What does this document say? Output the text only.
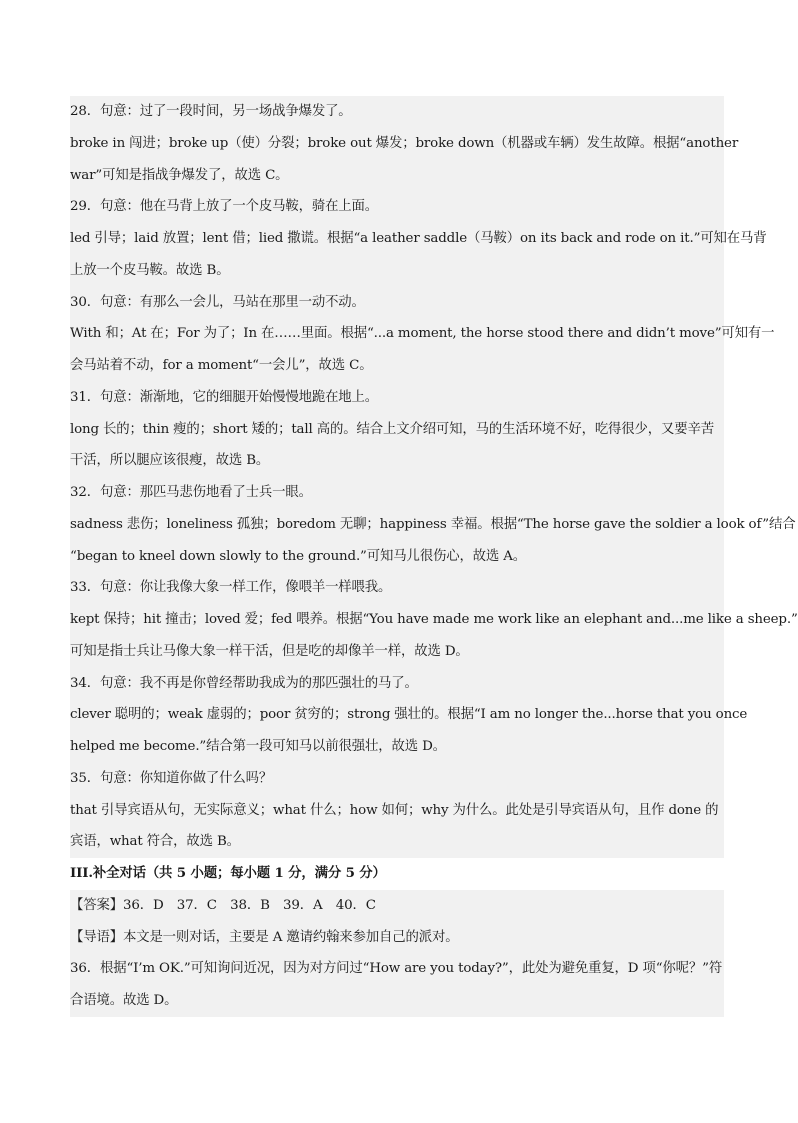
28．句意：过了一段时间，另一场战争爆发了。
broke in 闯进；broke up（使）分裂；broke out 爆发；broke down（机器或车辆）发生故障。根据“another
war”可知是指战争爆发了，故选 C。
29．句意：他在马背上放了一个皮马鞍，骑在上面。
led 引导；laid 放置；lent 借；lied 撒谎。根据“a leather saddle（马鞍）on its back and rode on it.”可知在马背
上放一个皮马鞍。故选 B。
30．句意：有那么一会儿，马站在那里一动不动。
With 和；At 在；For 为了；In 在……里面。根据“...a moment, the horse stood there and didn’t move”可知有一
会马站着不动，for a moment“一会儿”，故选 C。
31．句意：渐渐地，它的细腿开始慢慢地跪在地上。
long 长的；thin 瘦的；short 矮的；tall 高的。结合上文介绍可知，马的生活环境不好，吃得很少，又要辛苦
干活，所以腿应该很瘦，故选 B。
32．句意：那匹马悲伤地看了士兵一眼。
sadness 悲伤；loneliness 孤独；boredom 无聊；happiness 幸福。根据“The horse gave the soldier a look of”结合
“began to kneel down slowly to the ground.”可知马儿很伤心，故选 A。
33．句意：你让我像大象一样工作，像喂羊一样喂我。
kept 保持；hit 撞击；loved 爱；fed 喂养。根据“You have made me work like an elephant and...me like a sheep.”
可知是指士兵让马像大象一样干活，但是吃的却像羊一样，故选 D。
34．句意：我不再是你曾经帮助我成为的那匹强壮的马了。
clever 聪明的；weak 虚弱的；poor 贫穷的；strong 强壮的。根据“I am no longer the...horse that you once
helped me become.”结合第一段可知马以前很强壮，故选 D。
35．句意：你知道你做了什么吗？
that 引导宾语从句，无实际意义；what 什么；how 如何；why 为什么。此处是引导宾语从句，且作 done 的
宾语，what 符合，故选 B。
III.补全对话（共 5 小题；每小题 1 分，满分 5 分）
【答案】36．D　37．C　38．B　39．A　40．C
【导语】本文是一则对话，主要是 A 邀请约翰来参加自己的派对。
36．根据“I’m OK.”可知询问近况，因为对方问过“How are you today?”，此处为避免重复，D 项“你呢？”符
合语境。故选 D。
